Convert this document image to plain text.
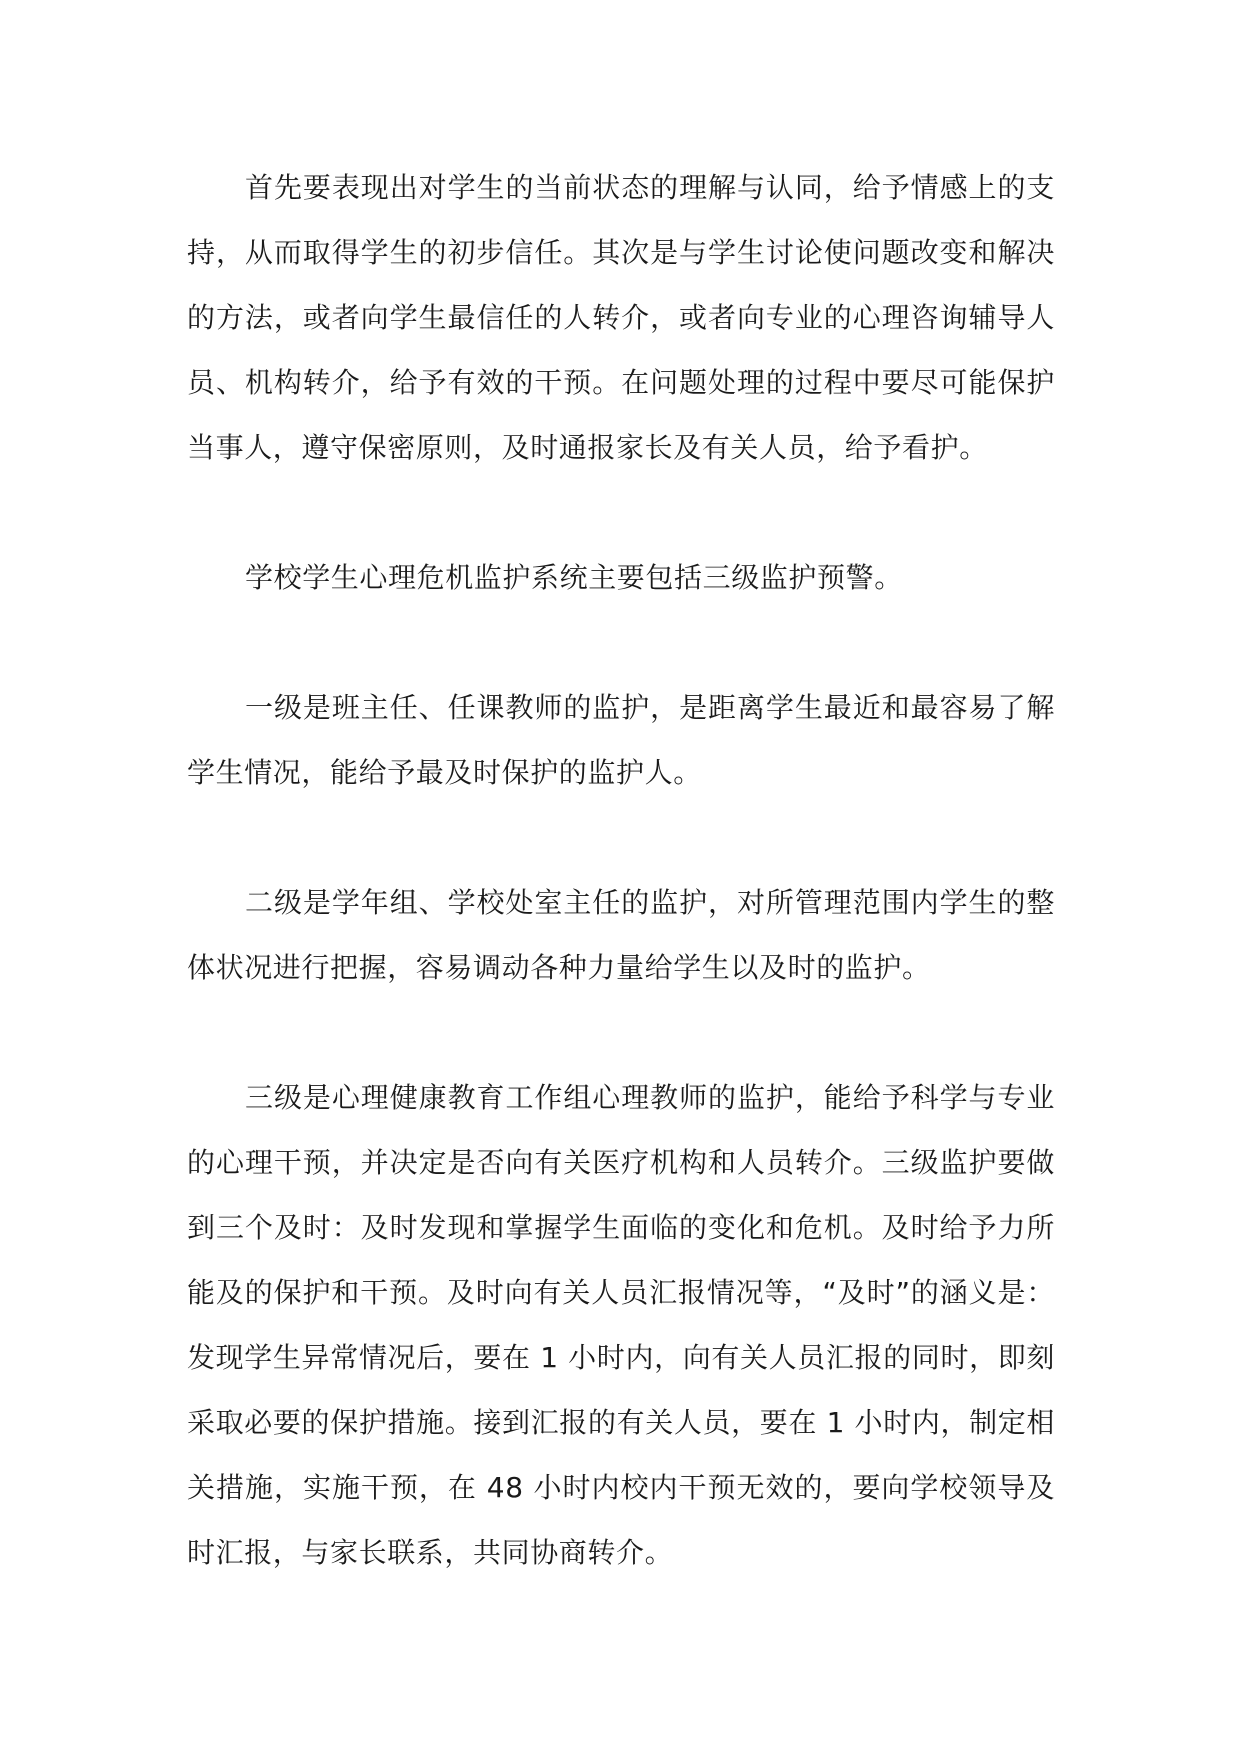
首先要表现出对学生的当前状态的理解与认同，给予情感上的支持，从而取得学生的初步信任。其次是与学生讨论使问题改变和解决的方法，或者向学生最信任的人转介，或者向专业的心理咨询辅导人员、机构转介，给予有效的干预。在问题处理的过程中要尽可能保护当事人，遵守保密原则，及时通报家长及有关人员，给予看护。

学校学生心理危机监护系统主要包括三级监护预警。

一级是班主任、任课教师的监护，是距离学生最近和最容易了解学生情况，能给予最及时保护的监护人。

二级是学年组、学校处室主任的监护，对所管理范围内学生的整体状况进行把握，容易调动各种力量给学生以及时的监护。

三级是心理健康教育工作组心理教师的监护，能给予科学与专业的心理干预，并决定是否向有关医疗机构和人员转介。三级监护要做到三个及时：及时发现和掌握学生面临的变化和危机。及时给予力所能及的保护和干预。及时向有关人员汇报情况等，“及时”的涵义是：发现学生异常情况后，要在 1 小时内，向有关人员汇报的同时，即刻采取必要的保护措施。接到汇报的有关人员，要在 1 小时内，制定相关措施，实施干预，在 48 小时内校内干预无效的，要向学校领导及时汇报，与家长联系，共同协商转介。
